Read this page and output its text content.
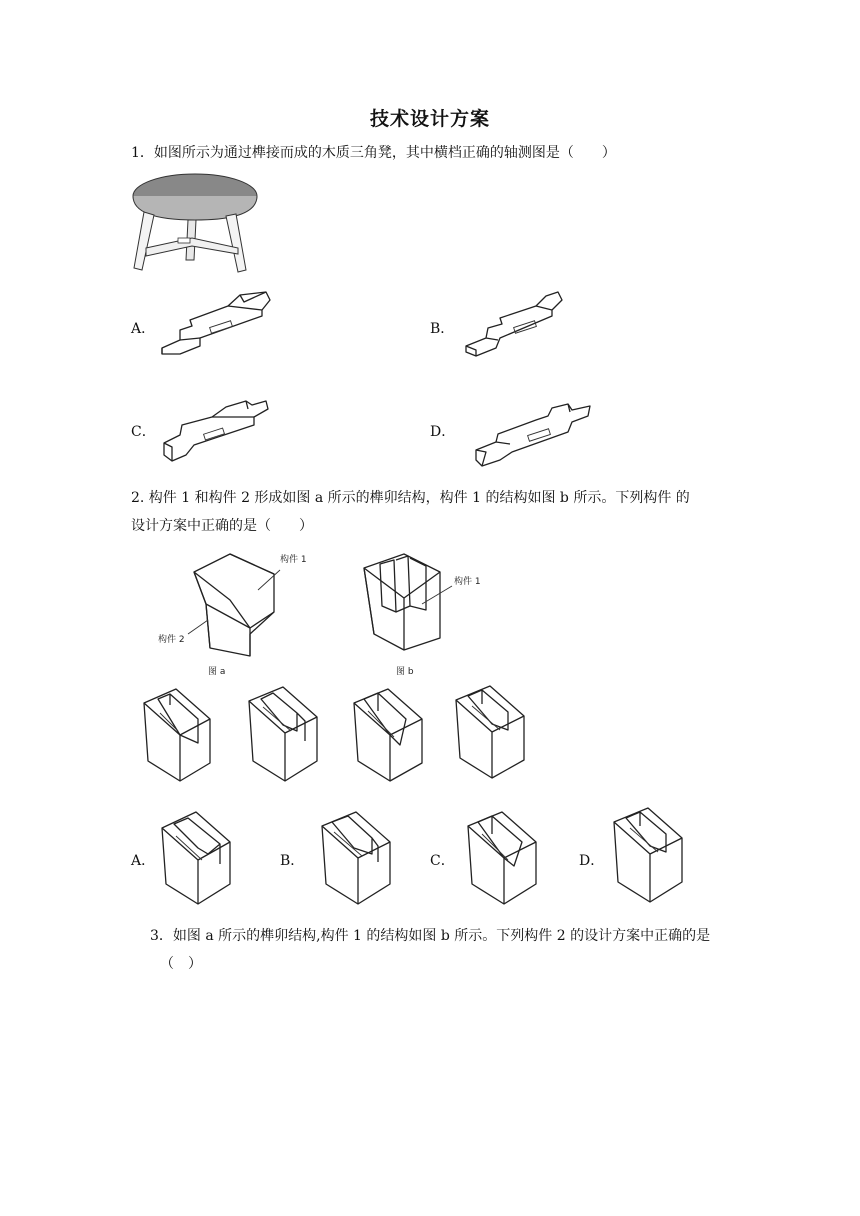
技术设计方案
1．如图所示为通过榫接而成的木质三角凳，其中横档正确的轴测图是（　　）
A．	B．
C．	D．
2. 构件 1 和构件 2 形成如图 a 所示的榫卯结构，构件 1 的结构如图 b 所示。下列构件 的
设计方案中正确的是（　　）
构件 1
构件 2
图 a
构件 1
图 b
A．	B．	C．	D．
3．如图 a 所示的榫卯结构,构件 1 的结构如图 b 所示。下列构件 2 的设计方案中正确的是
（　）
